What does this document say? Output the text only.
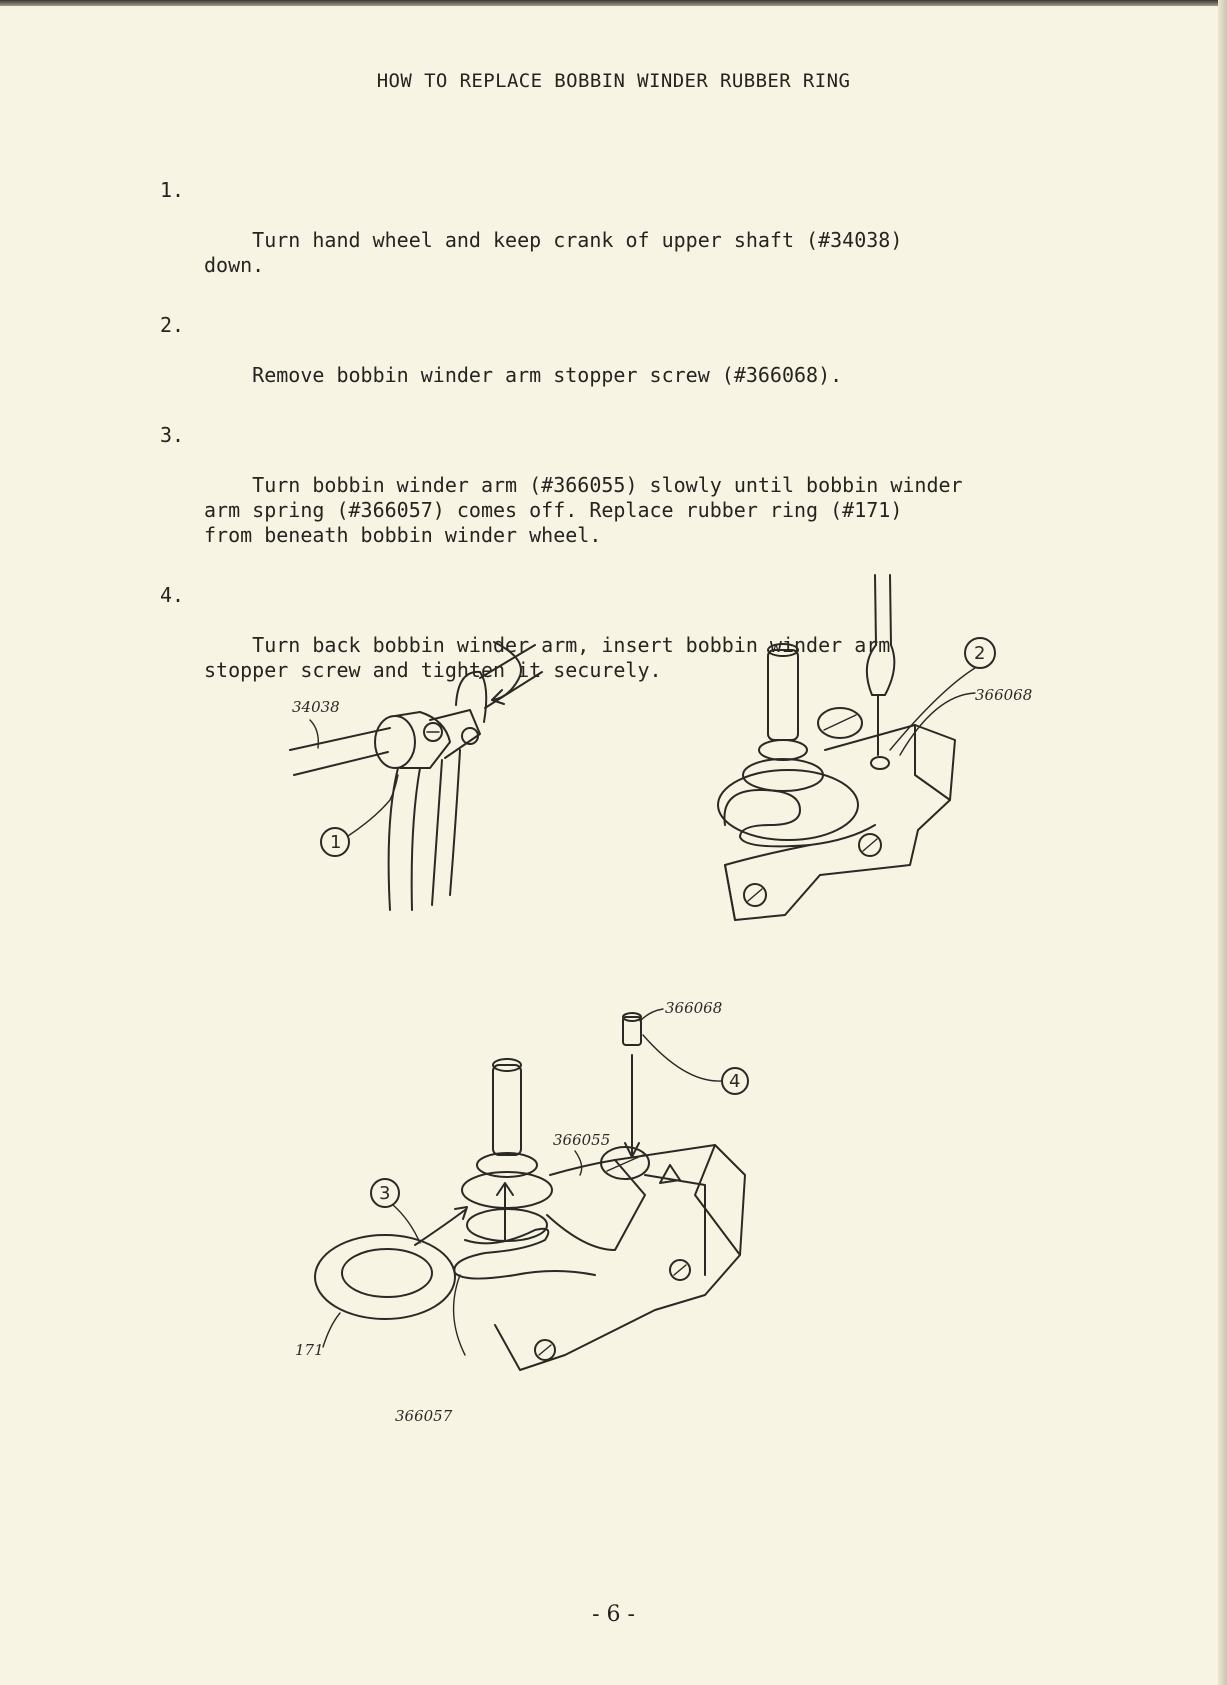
HOW TO REPLACE BOBBIN WINDER RUBBER RING

1.

Turn hand wheel and keep crank of upper shaft (#34038)
down.

2.

Remove bobbin winder arm stopper screw (#366068).

3.

Turn bobbin winder arm (#366055) slowly until bobbin winder
arm spring (#366057) comes off. Replace rubber ring (#171)
from beneath bobbin winder wheel.

4.

Turn back bobbin winder arm, insert bobbin winder arm
stopper screw and tighten it securely.

34038
1
2
366068
366068
4
366055
3
171
366057
- 6 -
